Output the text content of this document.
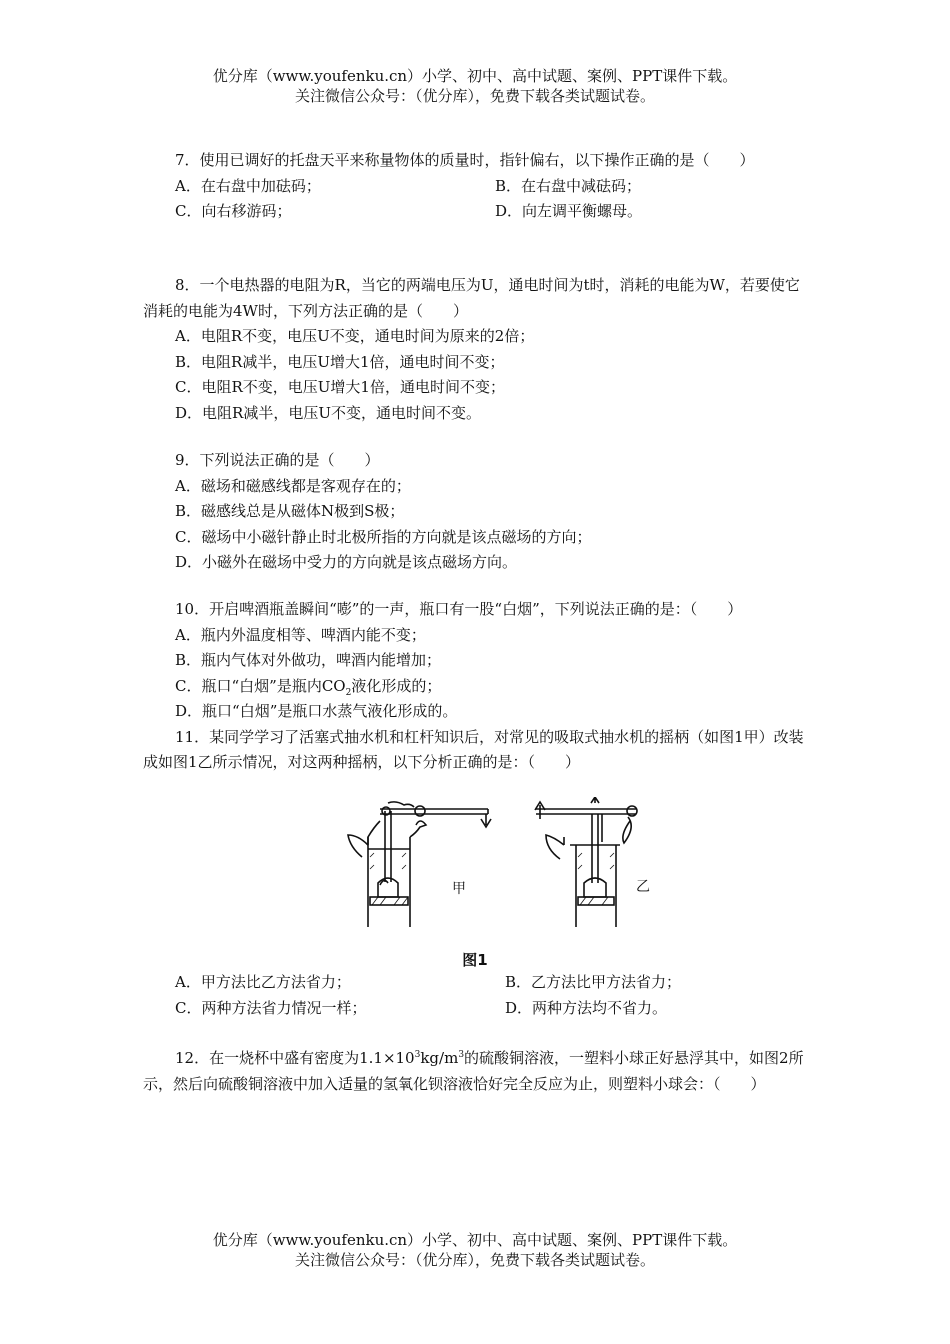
优分库（www.youfenku.cn）小学、初中、高中试题、案例、PPT课件下载。
关注微信公众号：（优分库），免费下载各类试题试卷。

7．使用已调好的托盘天平来称量物体的质量时，指针偏右，以下操作正确的是（　　）

A．在右盘中加砝码；	B．在右盘中减砝码；
C．向右移游码；	D．向左调平衡螺母。

8．一个电热器的电阻为R，当它的两端电压为U，通电时间为t时，消耗的电能为W，若要使它消耗的电能为4W时，下列方法正确的是（　　）

A．电阻R不变，电压U不变，通电时间为原来的2倍；

B．电阻R减半，电压U增大1倍，通电时间不变；

C．电阻R不变，电压U增大1倍，通电时间不变；

D．电阻R减半，电压U不变，通电时间不变。

9．下列说法正确的是（　　）

A．磁场和磁感线都是客观存在的；

B．磁感线总是从磁体N极到S极；

C．磁场中小磁针静止时北极所指的方向就是该点磁场的方向；

D．小磁外在磁场中受力的方向就是该点磁场方向。

10．开启啤酒瓶盖瞬间“嘭”的一声，瓶口有一股“白烟”，下列说法正确的是：（　　）

A．瓶内外温度相等、啤酒内能不变；

B．瓶内气体对外做功，啤酒内能增加；

C．瓶口“白烟”是瓶内$CO_2$液化形成的；

D．瓶口“白烟”是瓶口水蒸气液化形成的。

11．某同学学习了活塞式抽水机和杠杆知识后，对常见的吸取式抽水机的摇柄（如图1甲）改装成如图1乙所示情况，对这两种摇柄，以下分析正确的是：（　　）

甲	乙
图1
A．甲方法比乙方法省力；	B．乙方法比甲方法省力；
C．两种方法省力情况一样；	D．两种方法均不省力。

12．在一烧杯中盛有密度为$1.1\times 10^3kg/m^3$的硫酸铜溶液，一塑料小球正好悬浮其中，如图2所示，然后向硫酸铜溶液中加入适量的氢氧化钡溶液恰好完全反应为止，则塑料小球会：（　　）

优分库（www.youfenku.cn）小学、初中、高中试题、案例、PPT课件下载。
关注微信公众号：（优分库），免费下载各类试题试卷。
